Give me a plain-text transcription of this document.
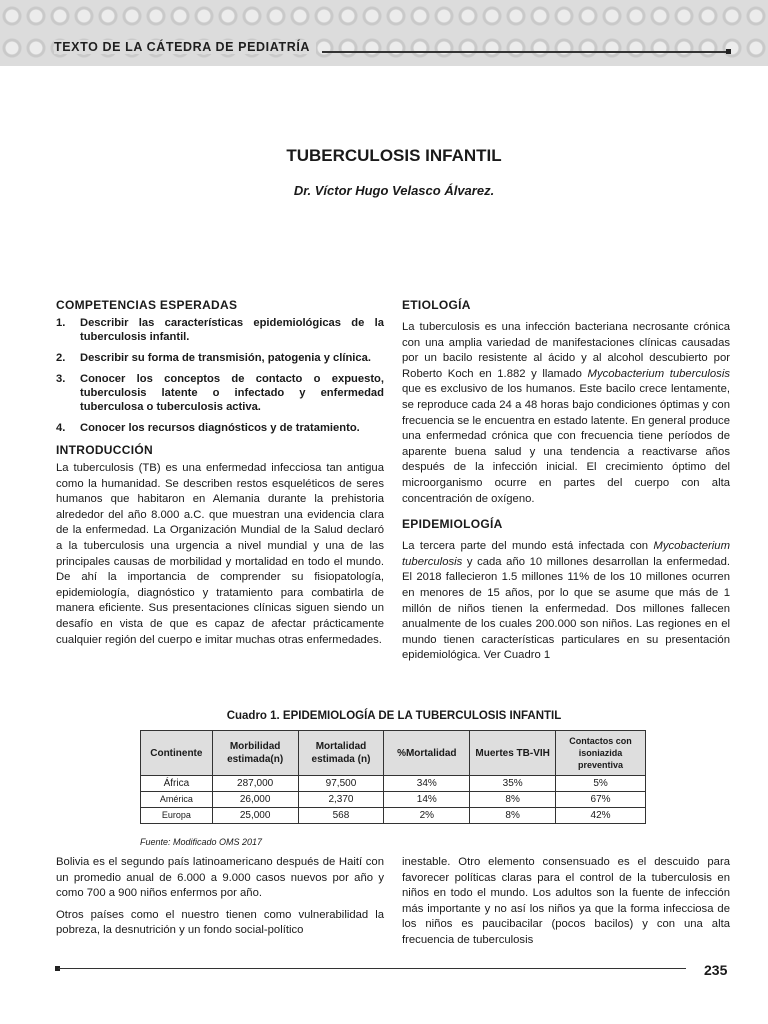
TEXTO DE LA CÁTEDRA DE PEDIATRÍA
TUBERCULOSIS INFANTIL
Dr. Víctor Hugo Velasco Álvarez.
COMPETENCIAS ESPERADAS
1. Describir las características epidemiológicas de la tuberculosis infantil.
2. Describir su forma de transmisión, patogenia y clínica.
3. Conocer los conceptos de contacto o expuesto, tuberculosis latente o infectado y enfermedad tuberculosa o tuberculosis activa.
4. Conocer los recursos diagnósticos y de tratamiento.
INTRODUCCIÓN

La tuberculosis (TB) es una enfermedad infecciosa tan antigua como la humanidad. Se describen restos esqueléticos de seres humanos que habitaron en Alemania durante la prehistoria alrededor del año 8.000 a.C. que muestran una evidencia clara de la enfermedad. La Organización Mundial de la Salud declaró a la tuberculosis una urgencia a nivel mundial y una de las principales causas de morbilidad y mortalidad en todo el mundo. De ahí la importancia de comprender su fisiopatología, epidemiología, diagnóstico y tratamiento para combatirla de manera eficiente. Sus presentaciones clínicas siguen siendo un desafío en vista de que es capaz de afectar prácticamente cualquier región del cuerpo e imitar muchas otras enfermedades.

ETIOLOGÍA

La tuberculosis es una infección bacteriana necrosante crónica con una amplia variedad de manifestaciones clínicas causadas por un bacilo resistente al ácido y al alcohol descubierto por Roberto Koch en 1.882 y llamado Mycobacterium tuberculosis que es exclusivo de los humanos. Este bacilo crece lentamente, se reproduce cada 24 a 48 horas bajo condiciones óptimas y con frecuencia se le encuentra en estado latente. En general produce una enfermedad crónica que con frecuencia tiene períodos de aparente buena salud y una tendencia a reactivarse años después de la infección inicial. El crecimiento óptimo del microorganismo ocurre en partes del cuerpo con alta concentración de oxígeno.

EPIDEMIOLOGÍA

La tercera parte del mundo está infectada con Mycobacterium tuberculosis y cada año 10 millones desarrollan la enfermedad. El 2018 fallecieron 1.5 millones 11% de los 10 millones ocurren en menores de 15 años, por lo que se asume que más de 1 millón de niños tienen la enfermedad. Dos millones fallecen anualmente de los cuales 200.000 son niños. Las regiones en el mundo tienen características particulares en su presentación epidemiológica. Ver Cuadro 1

Cuadro 1. EPIDEMIOLOGÍA DE LA TUBERCULOSIS INFANTIL
Continente	Morbilidad estimada(n)	Mortalidad estimada (n)	%Mortalidad	Muertes TB-VIH	Contactos con isoniazida preventiva
África	287,000	97,500	34%	35%	5%
América	26,000	2,370	14%	8%	67%
Europa	25,000	568	2%	8%	42%
Fuente: Modificado OMS 2017

Bolivia es el segundo país latinoamericano después de Haití con un promedio anual de 6.000 a 9.000 casos nuevos por año y como 700 a 900 niños enfermos por año.

Otros países como el nuestro tienen como vulnerabilidad la pobreza, la desnutrición y un fondo social-político

inestable. Otro elemento consensuado es el descuido para favorecer políticas claras para el control de la tuberculosis en niños en todo el mundo. Los adultos son la fuente de infección más importante y no así los niños ya que la forma infecciosa de los niños es paucibacilar (pocos bacilos) y con una alta frecuencia de tuberculosis

235
